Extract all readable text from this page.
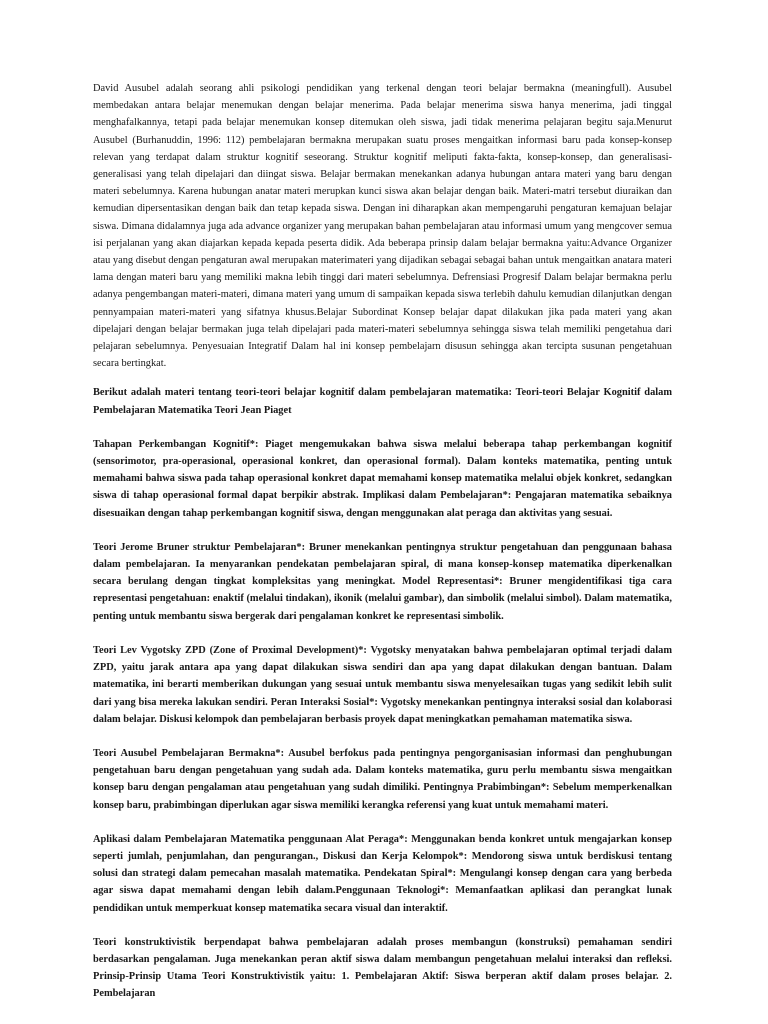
David Ausubel adalah seorang ahli psikologi pendidikan yang terkenal dengan teori belajar bermakna (meaningfull). Ausubel membedakan antara belajar menemukan dengan belajar menerima. Pada belajar menerima siswa hanya menerima, jadi tinggal menghafalkannya, tetapi pada belajar menemukan konsep ditemukan oleh siswa, jadi tidak menerima pelajaran begitu saja.Menurut Ausubel (Burhanuddin, 1996: 112) pembelajaran bermakna merupakan suatu proses mengaitkan informasi baru pada konsep-konsep relevan yang terdapat dalam struktur kognitif seseorang. Struktur kognitif meliputi fakta-fakta, konsep-konsep, dan generalisasi- generalisasi yang telah dipelajari dan diingat siswa. Belajar bermakan menekankan adanya hubungan antara materi yang baru dengan materi sebelumnya. Karena hubungan anatar materi merupkan kunci siswa akan belajar dengan baik. Materi-matri tersebut diuraikan dan kemudian dipersentasikan dengan baik dan tetap kepada siswa. Dengan ini diharapkan akan mempengaruhi pengaturan kemajuan belajar siswa. Dimana didalamnya juga ada advance organizer yang merupakan bahan pembelajaran atau informasi umum yang mengcover semua isi perjalanan yang akan diajarkan kepada kepada peserta didik. Ada beberapa prinsip dalam belajar bermakna yaitu:Advance Organizer atau yang disebut dengan pengaturan awal merupakan materimateri yang dijadikan sebagai sebagai bahan untuk mengaitkan anatara materi lama dengan materi baru yang memiliki makna lebih tinggi dari materi sebelumnya. Defrensiasi Progresif Dalam belajar bermakna perlu adanya pengembangan materi-materi, dimana materi yang umum di sampaikan kepada siswa terlebih dahulu kemudian dilanjutkan dengan pennyampaian materi-materi yang sifatnya khusus.Belajar Subordinat Konsep belajar dapat dilakukan jika pada materi yang akan dipelajari dengan belajar bermakan juga telah dipelajari pada materi-materi sebelumnya sehingga siswa telah memiliki pengetahua dari pelajaran sebelumnya. Penyesuaian Integratif Dalam hal ini konsep pembelajarn disusun sehingga akan tercipta susunan pengetahuan secara bertingkat.

Berikut adalah materi tentang teori-teori belajar kognitif dalam pembelajaran matematika: Teori-teori Belajar Kognitif dalam Pembelajaran Matematika Teori Jean Piaget

Tahapan Perkembangan Kognitif*: Piaget mengemukakan bahwa siswa melalui beberapa tahap perkembangan kognitif (sensorimotor, pra-operasional, operasional konkret, dan operasional formal). Dalam konteks matematika, penting untuk memahami bahwa siswa pada tahap operasional konkret dapat memahami konsep matematika melalui objek konkret, sedangkan siswa di tahap operasional formal dapat berpikir abstrak. Implikasi dalam Pembelajaran*: Pengajaran matematika sebaiknya disesuaikan dengan tahap perkembangan kognitif siswa, dengan menggunakan alat peraga dan aktivitas yang sesuai.

Teori Jerome Bruner struktur Pembelajaran*: Bruner menekankan pentingnya struktur pengetahuan dan penggunaan bahasa dalam pembelajaran. Ia menyarankan pendekatan pembelajaran spiral, di mana konsep-konsep matematika diperkenalkan secara berulang dengan tingkat kompleksitas yang meningkat. Model Representasi*: Bruner mengidentifikasi tiga cara representasi pengetahuan: enaktif (melalui tindakan), ikonik (melalui gambar), dan simbolik (melalui simbol). Dalam matematika, penting untuk membantu siswa bergerak dari pengalaman konkret ke representasi simbolik.

Teori Lev Vygotsky ZPD (Zone of Proximal Development)*: Vygotsky menyatakan bahwa pembelajaran optimal terjadi dalam ZPD, yaitu jarak antara apa yang dapat dilakukan siswa sendiri dan apa yang dapat dilakukan dengan bantuan. Dalam matematika, ini berarti memberikan dukungan yang sesuai untuk membantu siswa menyelesaikan tugas yang sedikit lebih sulit dari yang bisa mereka lakukan sendiri. Peran Interaksi Sosial*: Vygotsky menekankan pentingnya interaksi sosial dan kolaborasi dalam belajar. Diskusi kelompok dan pembelajaran berbasis proyek dapat meningkatkan pemahaman matematika siswa.

Teori Ausubel Pembelajaran Bermakna*: Ausubel berfokus pada pentingnya pengorganisasian informasi dan penghubungan pengetahuan baru dengan pengetahuan yang sudah ada. Dalam konteks matematika, guru perlu membantu siswa mengaitkan konsep baru dengan pengalaman atau pengetahuan yang sudah dimiliki. Pentingnya Prabimbingan*: Sebelum memperkenalkan konsep baru, prabimbingan diperlukan agar siswa memiliki kerangka referensi yang kuat untuk memahami materi.

Aplikasi dalam Pembelajaran Matematika penggunaan Alat Peraga*: Menggunakan benda konkret untuk mengajarkan konsep seperti jumlah, penjumlahan, dan pengurangan., Diskusi dan Kerja Kelompok*: Mendorong siswa untuk berdiskusi tentang solusi dan strategi dalam pemecahan masalah matematika. Pendekatan Spiral*: Mengulangi konsep dengan cara yang berbeda agar siswa dapat memahami dengan lebih dalam.Penggunaan Teknologi*: Memanfaatkan aplikasi dan perangkat lunak pendidikan untuk memperkuat konsep matematika secara visual dan interaktif.

Teori konstruktivistik berpendapat bahwa pembelajaran adalah proses membangun (konstruksi) pemahaman sendiri berdasarkan pengalaman. Juga menekankan peran aktif siswa dalam membangun pengetahuan melalui interaksi dan refleksi. Prinsip-Prinsip Utama Teori Konstruktivistik yaitu: 1. Pembelajaran Aktif: Siswa berperan aktif dalam proses belajar. 2. Pembelajaran
